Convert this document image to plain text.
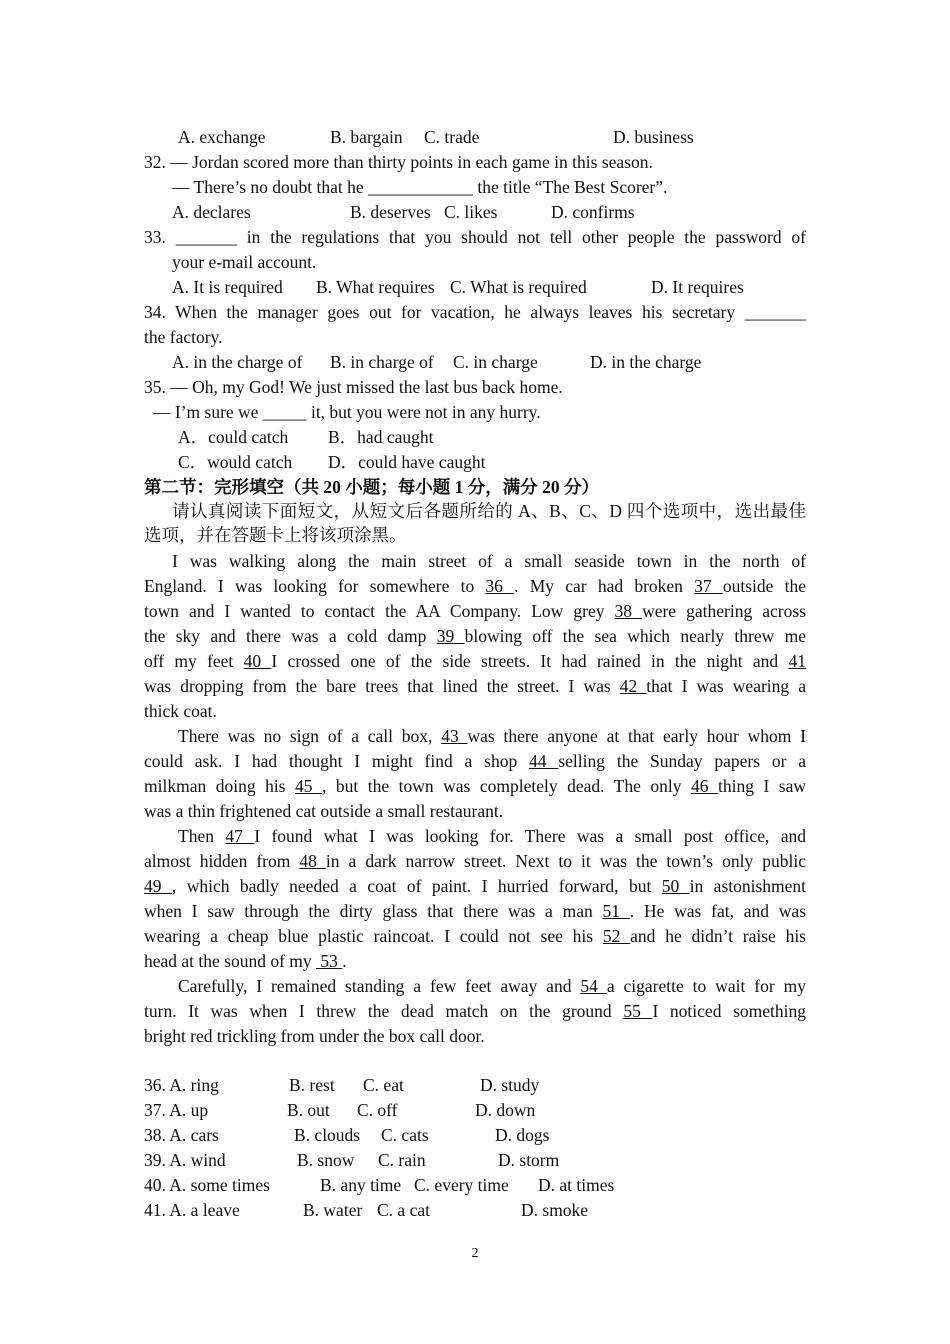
A. exchange	B. bargain C. trade	D. business
32. — Jordan scored more than thirty points in each game in this season.
— There’s no doubt that he ____________ the title “The Best Scorer”.
A. declares	B. deserves C. likes	D. confirms
33. _______ in the regulations that you should not tell other people the password of
your e-mail account.
A. It is required B. What requires C. What is required	D. It requires
34. When the manager goes out for vacation, he always leaves his secretary _______
the factory.
A. in the charge of B. in charge of C. in charge	D. in the charge
35. — Oh, my God! We just missed the last bus back home.
— I’m sure we _____ it, but you were not in any hurry.
A．could catch B．had caught
C．would catch D．could have caught
第二节：完形填空（共 20 小题；每小题 1 分，满分 20 分）
请认真阅读下面短文，从短文后各题所给的 A、B、C、D 四个选项中，选出最佳
选项，并在答题卡上将该项涂黑。
I was walking along the main street of a small seaside town in the north of
England. I was looking for somewhere to 36 . My car had broken 37 outside the
town and I wanted to contact the AA Company. Low grey 38 were gathering across
the sky and there was a cold damp 39 blowing off the sea which nearly threw me
off my feet 40 I crossed one of the side streets. It had rained in the night and 41
was dropping from the bare trees that lined the street. I was 42 that I was wearing a
thick coat.
There was no sign of a call box, 43 was there anyone at that early hour whom I
could ask. I had thought I might find a shop 44 selling the Sunday papers or a
milkman doing his 45 , but the town was completely dead. The only 46 thing I saw
was a thin frightened cat outside a small restaurant.
Then 47 I found what I was looking for. There was a small post office, and
almost hidden from 48 in a dark narrow street. Next to it was the town’s only public
49 , which badly needed a coat of paint. I hurried forward, but 50 in astonishment
when I saw through the dirty glass that there was a man 51 . He was fat, and was
wearing a cheap blue plastic raincoat. I could not see his 52 and he didn’t raise his
head at the sound of my  53 .
Carefully, I remained standing a few feet away and 54 a cigarette to wait for my
turn. It was when I threw the dead match on the ground 55 I noticed something
bright red trickling from under the box call door.
36. A. ring	B. rest C. eat	D. study
37. A. up	B. out C. off	D. down
38. A. cars	B. clouds C. cats	D. dogs
39. A. wind	B. snow C. rain	D. storm
40. A. some times	B. any time C. every time D. at times
41. A. a leave	B. water C. a cat	D. smoke
2
